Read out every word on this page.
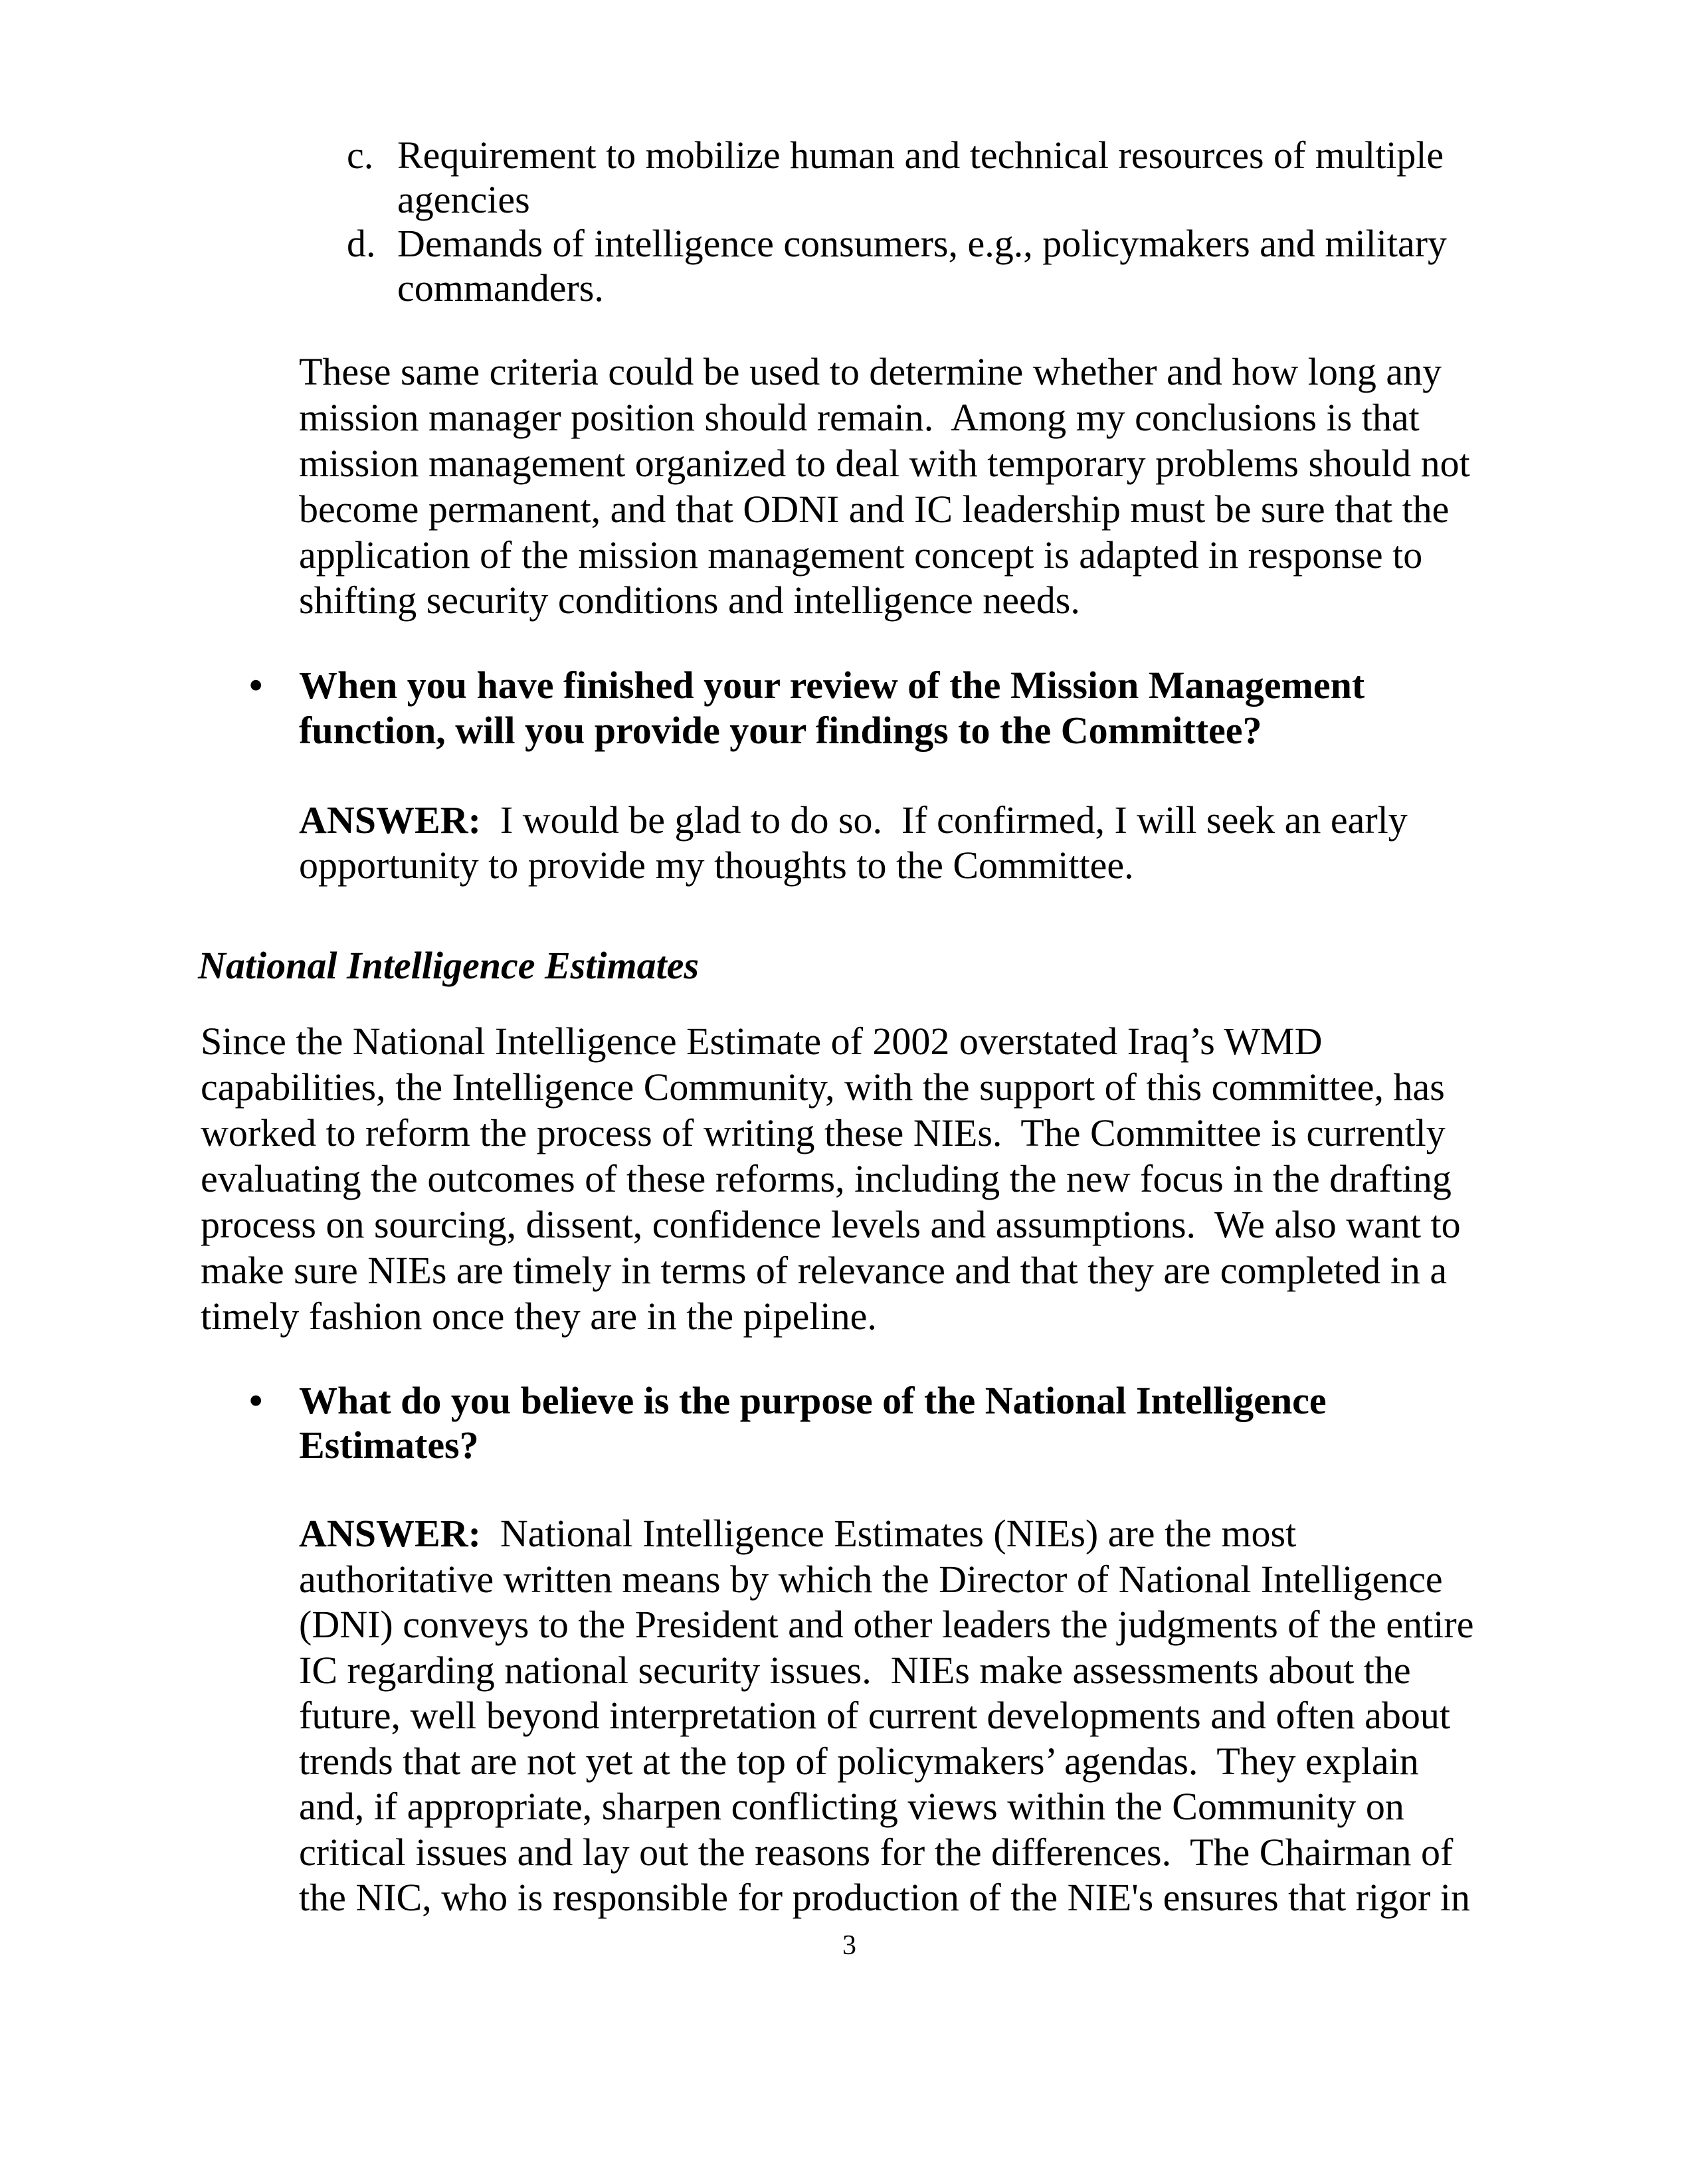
c. Requirement to mobilize human and technical resources of multiple
agencies
d. Demands of intelligence consumers, e.g., policymakers and military
commanders.
These same criteria could be used to determine whether and how long any
mission manager position should remain.  Among my conclusions is that
mission management organized to deal with temporary problems should not
become permanent, and that ODNI and IC leadership must be sure that the
application of the mission management concept is adapted in response to
shifting security conditions and intelligence needs.
• When you have finished your review of the Mission Management
function, will you provide your findings to the Committee?
ANSWER:  I would be glad to do so.  If confirmed, I will seek an early
opportunity to provide my thoughts to the Committee.
National Intelligence Estimates
Since the National Intelligence Estimate of 2002 overstated Iraq’s WMD
capabilities, the Intelligence Community, with the support of this committee, has
worked to reform the process of writing these NIEs.  The Committee is currently
evaluating the outcomes of these reforms, including the new focus in the drafting
process on sourcing, dissent, confidence levels and assumptions.  We also want to
make sure NIEs are timely in terms of relevance and that they are completed in a
timely fashion once they are in the pipeline.
• What do you believe is the purpose of the National Intelligence
Estimates?
ANSWER:  National Intelligence Estimates (NIEs) are the most
authoritative written means by which the Director of National Intelligence
(DNI) conveys to the President and other leaders the judgments of the entire
IC regarding national security issues.  NIEs make assessments about the
future, well beyond interpretation of current developments and often about
trends that are not yet at the top of policymakers’ agendas.  They explain
and, if appropriate, sharpen conflicting views within the Community on
critical issues and lay out the reasons for the differences.  The Chairman of
the NIC, who is responsible for production of the NIE's ensures that rigor in
3
